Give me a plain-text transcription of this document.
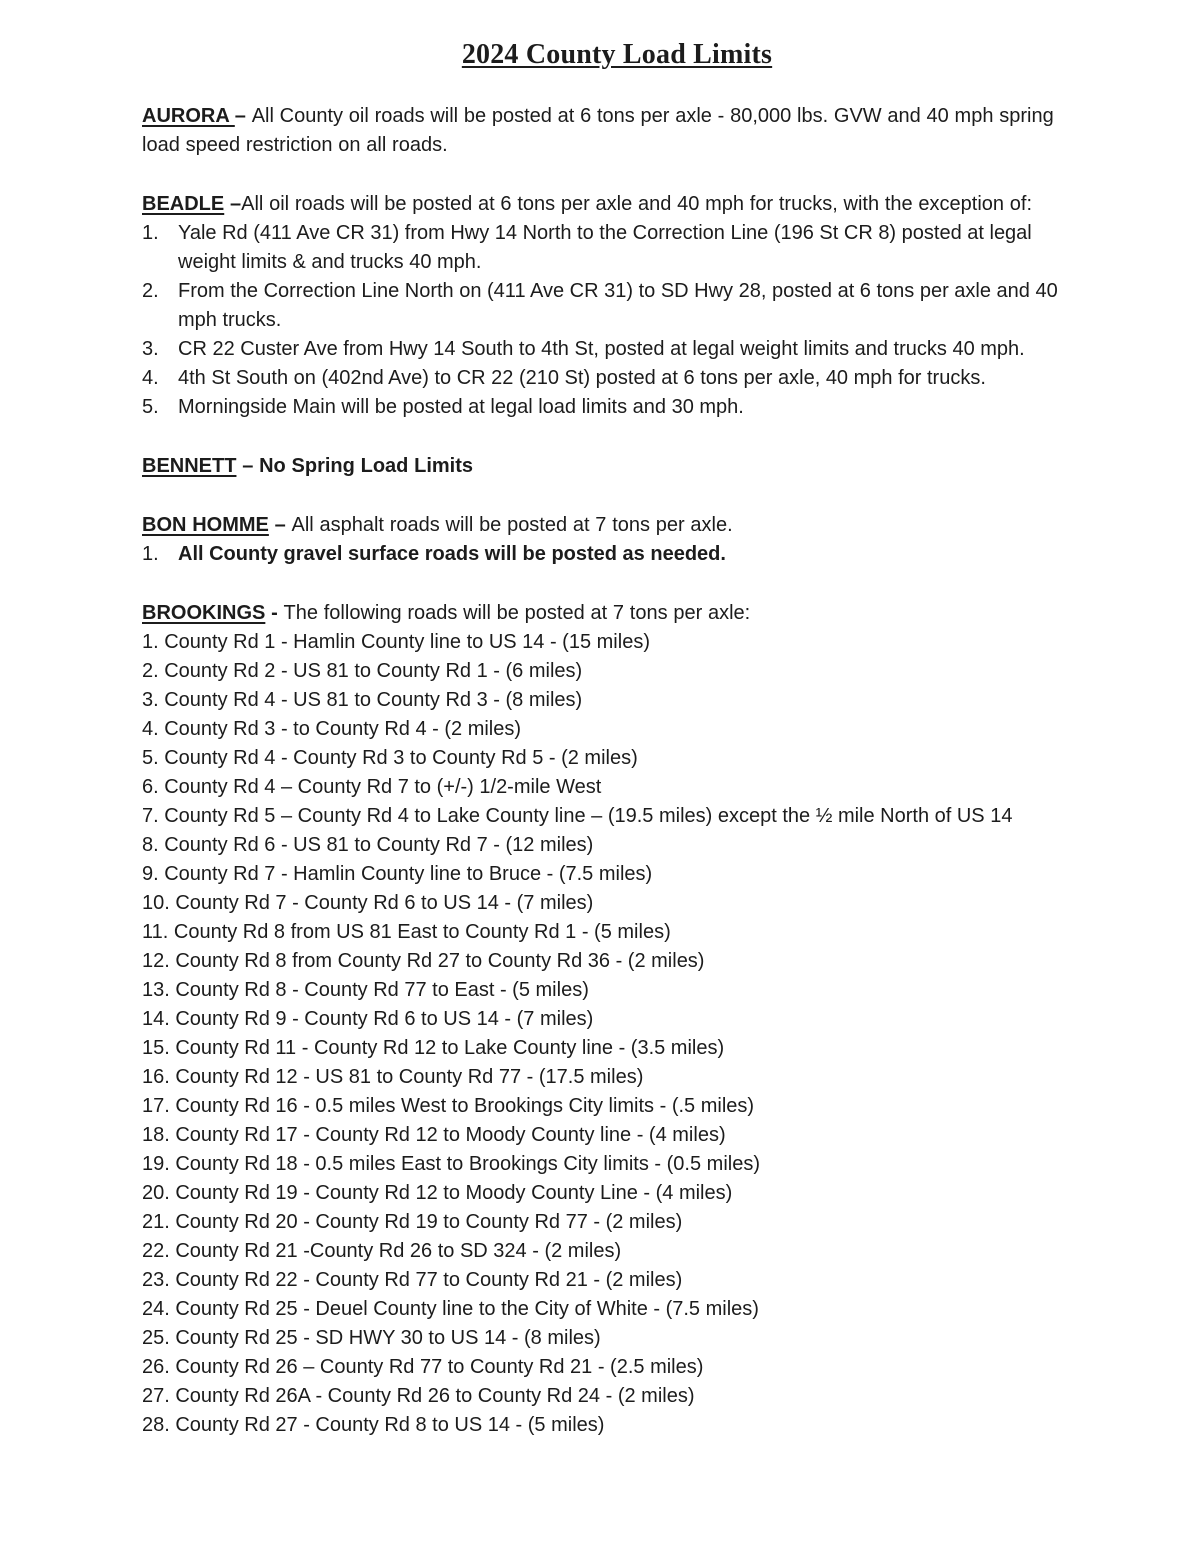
2024 County Load Limits

AURORA – All County oil roads will be posted at 6 tons per axle - 80,000 lbs. GVW and 40 mph spring load speed restriction on all roads.

BEADLE –All oil roads will be posted at 6 tons per axle and 40 mph for trucks, with the exception of:

1. Yale Rd (411 Ave CR 31) from Hwy 14 North to the Correction Line (196 St CR 8) posted at legal weight limits & and trucks 40 mph.
2. From the Correction Line North on (411 Ave CR 31) to SD Hwy 28, posted at 6 tons per axle and 40 mph trucks.
3. CR 22 Custer Ave from Hwy 14 South to 4th St, posted at legal weight limits and trucks 40 mph.
4. 4th St South on (402nd Ave) to CR 22 (210 St) posted at 6 tons per axle, 40 mph for trucks.
5. Morningside Main will be posted at legal load limits and 30 mph.

BENNETT – No Spring Load Limits

BON HOMME – All asphalt roads will be posted at 7 tons per axle.

1. All County gravel surface roads will be posted as needed.

BROOKINGS - The following roads will be posted at 7 tons per axle:

1. County Rd 1 - Hamlin County line to US 14 - (15 miles)
2. County Rd 2 - US 81 to County Rd 1 - (6 miles)
3. County Rd 4 - US 81 to County Rd 3 - (8 miles)
4. County Rd 3 - to County Rd 4 - (2 miles)
5. County Rd 4 - County Rd 3 to County Rd 5 - (2 miles)
6. County Rd 4 – County Rd 7 to (+/-) 1/2-mile West
7. County Rd 5 – County Rd 4 to Lake County line – (19.5 miles) except the ½ mile North of US 14
8. County Rd 6 - US 81 to County Rd 7 - (12 miles)
9. County Rd 7 - Hamlin County line to Bruce - (7.5 miles)
10. County Rd 7 - County Rd 6 to US 14 - (7 miles)
11. County Rd 8 from US 81 East to County Rd 1 - (5 miles)
12. County Rd 8 from County Rd 27 to County Rd 36 - (2 miles)
13. County Rd 8 - County Rd 77 to East - (5 miles)
14. County Rd 9 - County Rd 6 to US 14 - (7 miles)
15. County Rd 11 - County Rd 12 to Lake County line - (3.5 miles)
16. County Rd 12 - US 81 to County Rd 77 - (17.5 miles)
17. County Rd 16 - 0.5 miles West to Brookings City limits - (.5 miles)
18. County Rd 17 - County Rd 12 to Moody County line - (4 miles)
19. County Rd 18 - 0.5 miles East to Brookings City limits - (0.5 miles)
20. County Rd 19 - County Rd 12 to Moody County Line - (4 miles)
21. County Rd 20 - County Rd 19 to County Rd 77 - (2 miles)
22. County Rd 21 -County Rd 26 to SD 324 - (2 miles)
23. County Rd 22 - County Rd 77 to County Rd 21 - (2 miles)
24. County Rd 25 - Deuel County line to the City of White - (7.5 miles)
25. County Rd 25 - SD HWY 30 to US 14 - (8 miles)
26. County Rd 26 – County Rd 77 to County Rd 21 - (2.5 miles)
27. County Rd 26A - County Rd 26 to County Rd 24 - (2 miles)
28. County Rd 27 - County Rd 8 to US 14 - (5 miles)
